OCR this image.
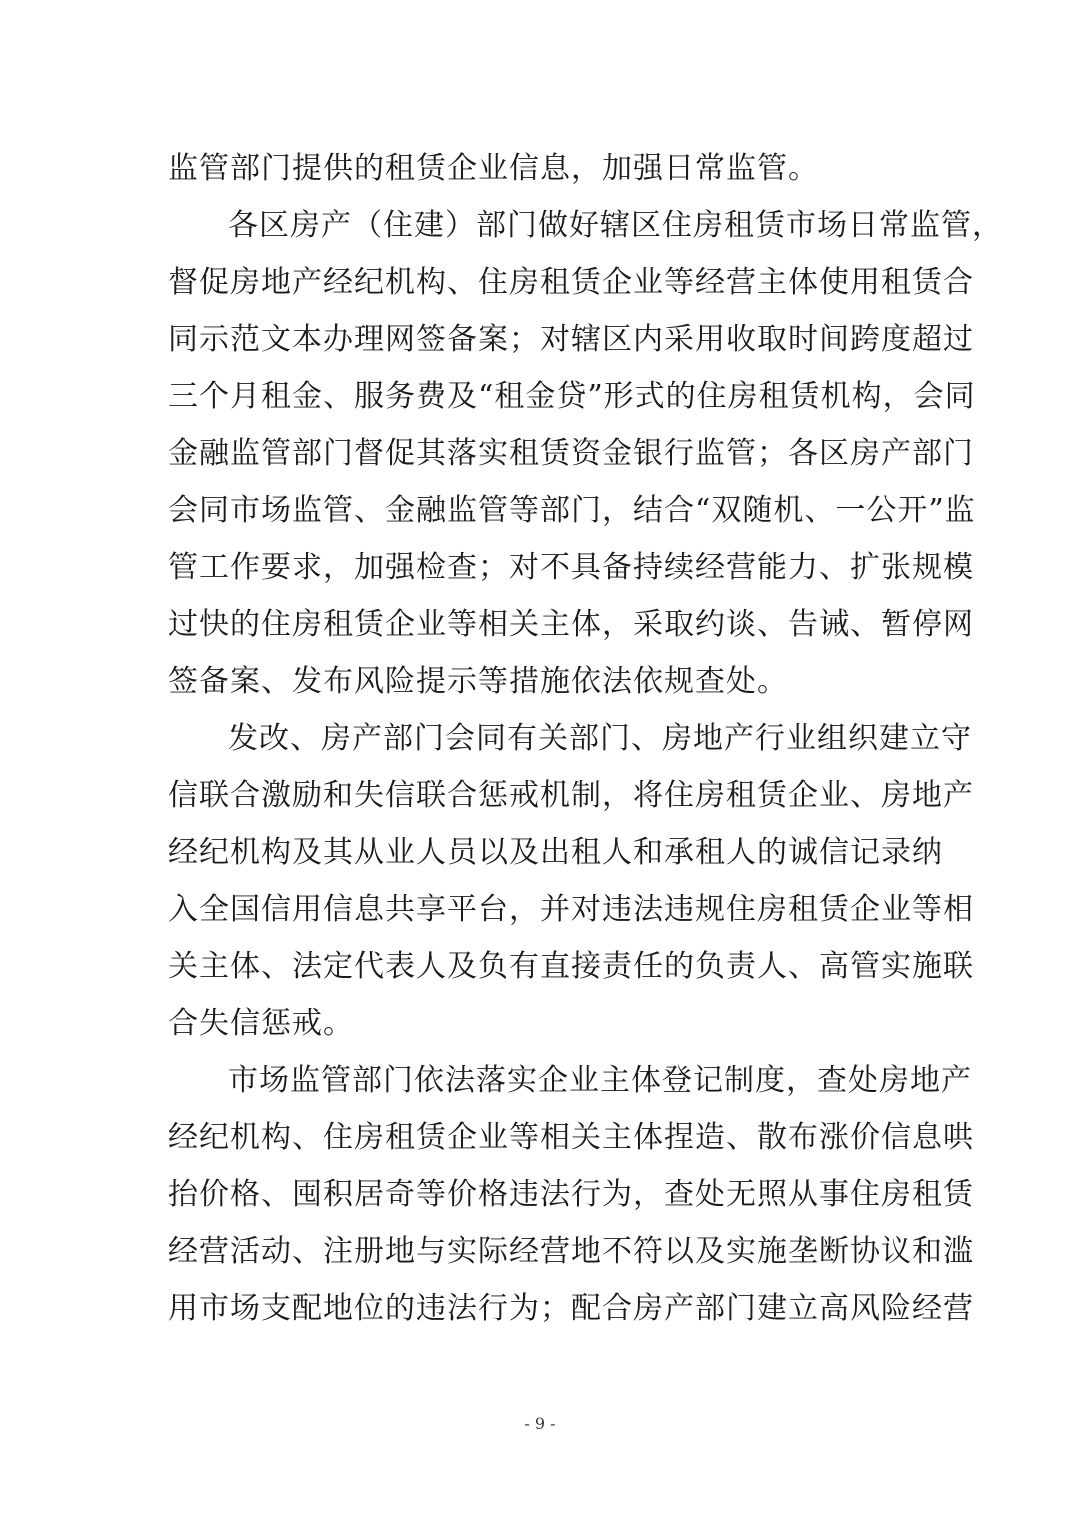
监管部门提供的租赁企业信息，加强日常监管。
各区房产（住建）部门做好辖区住房租赁市场日常监管，
督促房地产经纪机构、住房租赁企业等经营主体使用租赁合
同示范文本办理网签备案；对辖区内采用收取时间跨度超过
三个月租金、服务费及“租金贷”形式的住房租赁机构，会同
金融监管部门督促其落实租赁资金银行监管；各区房产部门
会同市场监管、金融监管等部门，结合“双随机、一公开”监
管工作要求，加强检查；对不具备持续经营能力、扩张规模
过快的住房租赁企业等相关主体，采取约谈、告诫、暂停网
签备案、发布风险提示等措施依法依规查处。
发改、房产部门会同有关部门、房地产行业组织建立守
信联合激励和失信联合惩戒机制，将住房租赁企业、房地产
经纪机构及其从业人员以及出租人和承租人的诚信记录纳
入全国信用信息共享平台，并对违法违规住房租赁企业等相
关主体、法定代表人及负有直接责任的负责人、高管实施联
合失信惩戒。
市场监管部门依法落实企业主体登记制度，查处房地产
经纪机构、住房租赁企业等相关主体捏造、散布涨价信息哄
抬价格、囤积居奇等价格违法行为，查处无照从事住房租赁
经营活动、注册地与实际经营地不符以及实施垄断协议和滥
用市场支配地位的违法行为；配合房产部门建立高风险经营
- 9 -
